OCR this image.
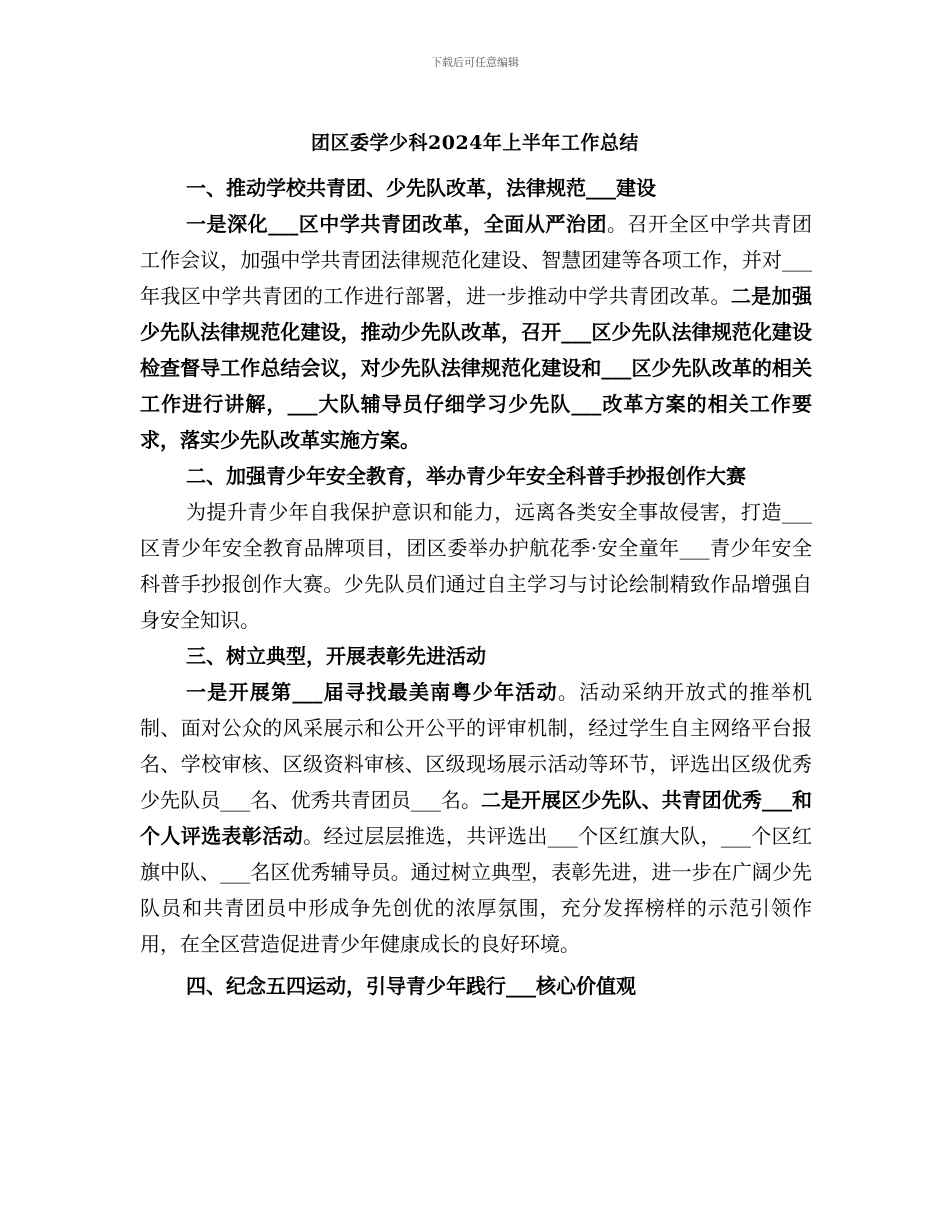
下载后可任意编辑
团区委学少科2024年上半年工作总结

一、推动学校共青团、少先队改革，法律规范___建设

一是深化___区中学共青团改革，全面从严治团。召开全区中学共青团工作会议，加强中学共青团法律规范化建设、智慧团建等各项工作，并对___年我区中学共青团的工作进行部署，进一步推动中学共青团改革。二是加强少先队法律规范化建设，推动少先队改革，召开___区少先队法律规范化建设检查督导工作总结会议，对少先队法律规范化建设和___区少先队改革的相关工作进行讲解，___大队辅导员仔细学习少先队___改革方案的相关工作要求，落实少先队改革实施方案。

二、加强青少年安全教育，举办青少年安全科普手抄报创作大赛

为提升青少年自我保护意识和能力，远离各类安全事故侵害，打造___区青少年安全教育品牌项目，团区委举办护航花季·安全童年___青少年安全科普手抄报创作大赛。少先队员们通过自主学习与讨论绘制精致作品增强自身安全知识。

三、树立典型，开展表彰先进活动

一是开展第___届寻找最美南粤少年活动。活动采纳开放式的推举机制、面对公众的风采展示和公开公平的评审机制，经过学生自主网络平台报名、学校审核、区级资料审核、区级现场展示活动等环节，评选出区级优秀少先队员___名、优秀共青团员___名。二是开展区少先队、共青团优秀___和个人评选表彰活动。经过层层推选，共评选出___个区红旗大队，___个区红旗中队、___名区优秀辅导员。通过树立典型，表彰先进，进一步在广阔少先队员和共青团员中形成争先创优的浓厚氛围，充分发挥榜样的示范引领作用，在全区营造促进青少年健康成长的良好环境。

四、纪念五四运动，引导青少年践行___核心价值观
